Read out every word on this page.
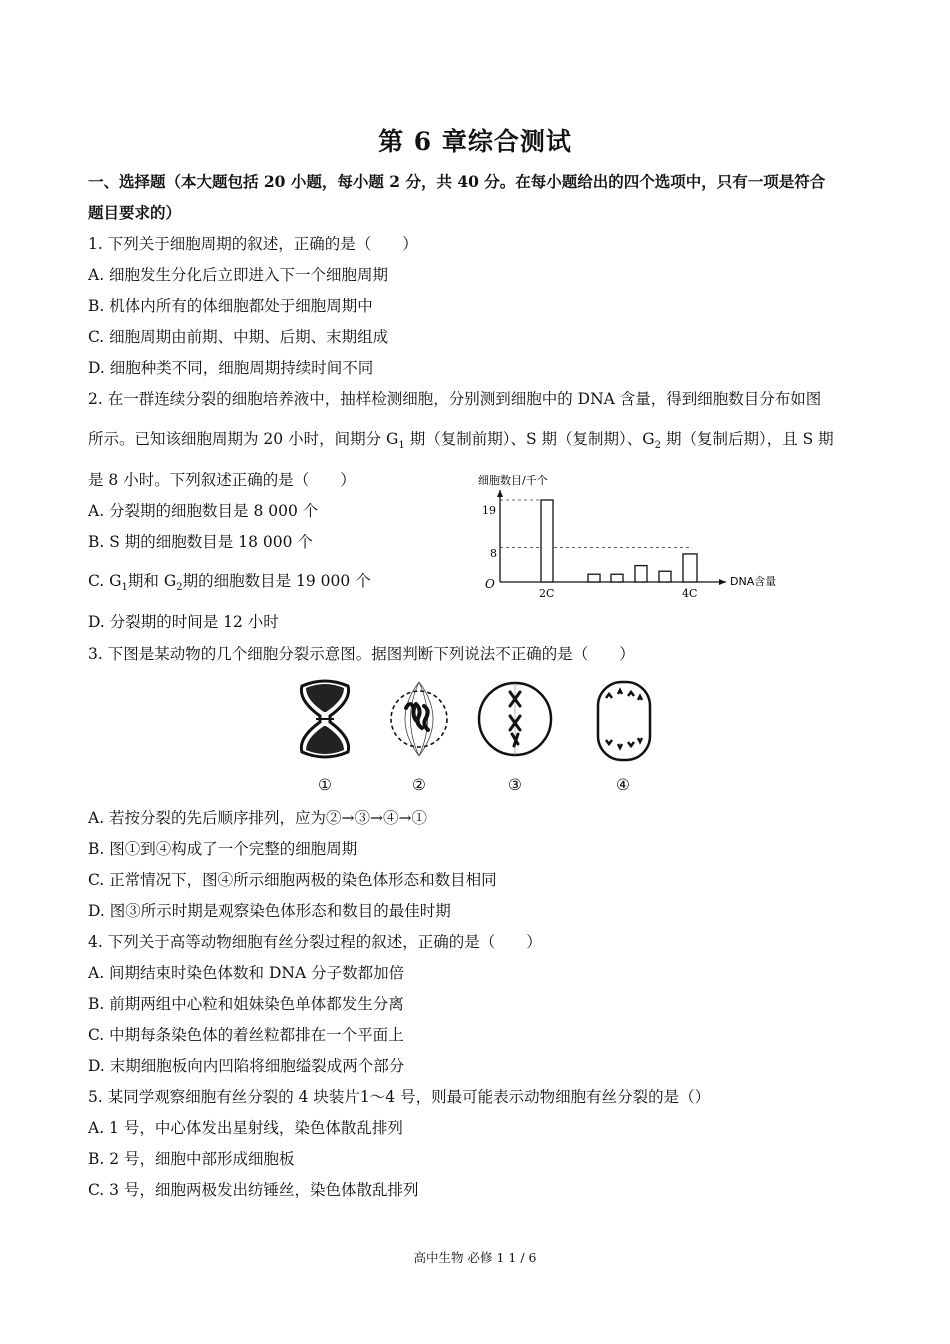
第 6 章综合测试
一、选择题（本大题包括 20 小题，每小题 2 分，共 40 分。在每小题给出的四个选项中，只有一项是符合
题目要求的）
1. 下列关于细胞周期的叙述，正确的是（　　）
A. 细胞发生分化后立即进入下一个细胞周期
B. 机体内所有的体细胞都处于细胞周期中
C. 细胞周期由前期、中期、后期、末期组成
D. 细胞种类不同，细胞周期持续时间不同
2. 在一群连续分裂的细胞培养液中，抽样检测细胞，分别测到细胞中的 DNA 含量，得到细胞数目分布如图
所示。已知该细胞周期为 20 小时，间期分 $G_1$ 期（复制前期）、S 期（复制期）、$G_2$ 期（复制后期），且 S 期
是 8 小时。下列叙述正确的是（　　）
A. 分裂期的细胞数目是 8 000 个
B. S 期的细胞数目是 18 000 个
C. $G_1$期和 $G_2$期的细胞数目是 19 000 个
D. 分裂期的时间是 12 小时
细胞数目/千个
DNA含量
O
19
8
2C	4C
3. 下图是某动物的几个细胞分裂示意图。据图判断下列说法不正确的是（　　）
①	②	③	④
A. 若按分裂的先后顺序排列，应为②→③→④→①
B. 图①到④构成了一个完整的细胞周期
C. 正常情况下，图④所示细胞两极的染色体形态和数目相同
D. 图③所示时期是观察染色体形态和数目的最佳时期
4. 下列关于高等动物细胞有丝分裂过程的叙述，正确的是（　　）
A. 间期结束时染色体数和 DNA 分子数都加倍
B. 前期两组中心粒和姐妹染色单体都发生分离
C. 中期每条染色体的着丝粒都排在一个平面上
D. 末期细胞板向内凹陷将细胞缢裂成两个部分
5. 某同学观察细胞有丝分裂的 4 块装片1～4 号，则最可能表示动物细胞有丝分裂的是（）
A. 1 号，中心体发出星射线，染色体散乱排列
B. 2 号，细胞中部形成细胞板
C. 3 号，细胞两极发出纺锤丝，染色体散乱排列
高中生物 必修 1 1 / 6
